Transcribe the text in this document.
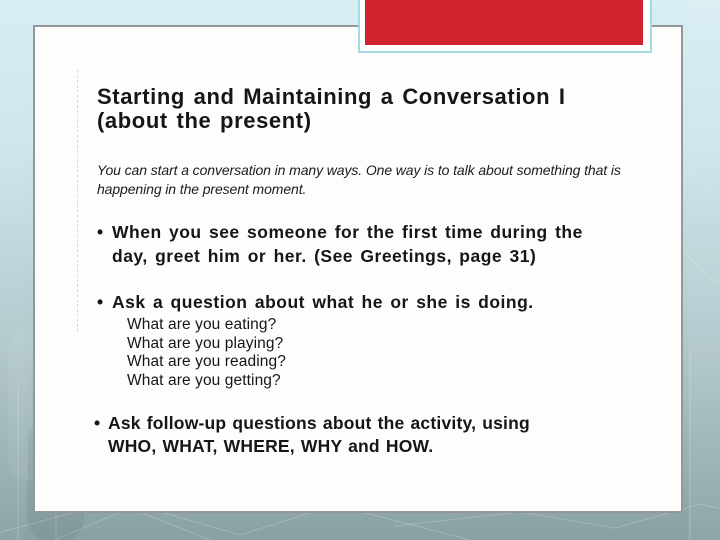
Starting and Maintaining a Conversation I
(about the present)

You can start a conversation in many ways. One way is to talk about something that is
happening in the present moment.

• When you see someone for the first time during the
day, greet him or her. (See Greetings, page 31)
• Ask a question about what he or she is doing.
What are you eating?
What are you playing?
What are you reading?
What are you getting?
• Ask follow-up questions about the activity, using
WHO, WHAT, WHERE, WHY and HOW.
